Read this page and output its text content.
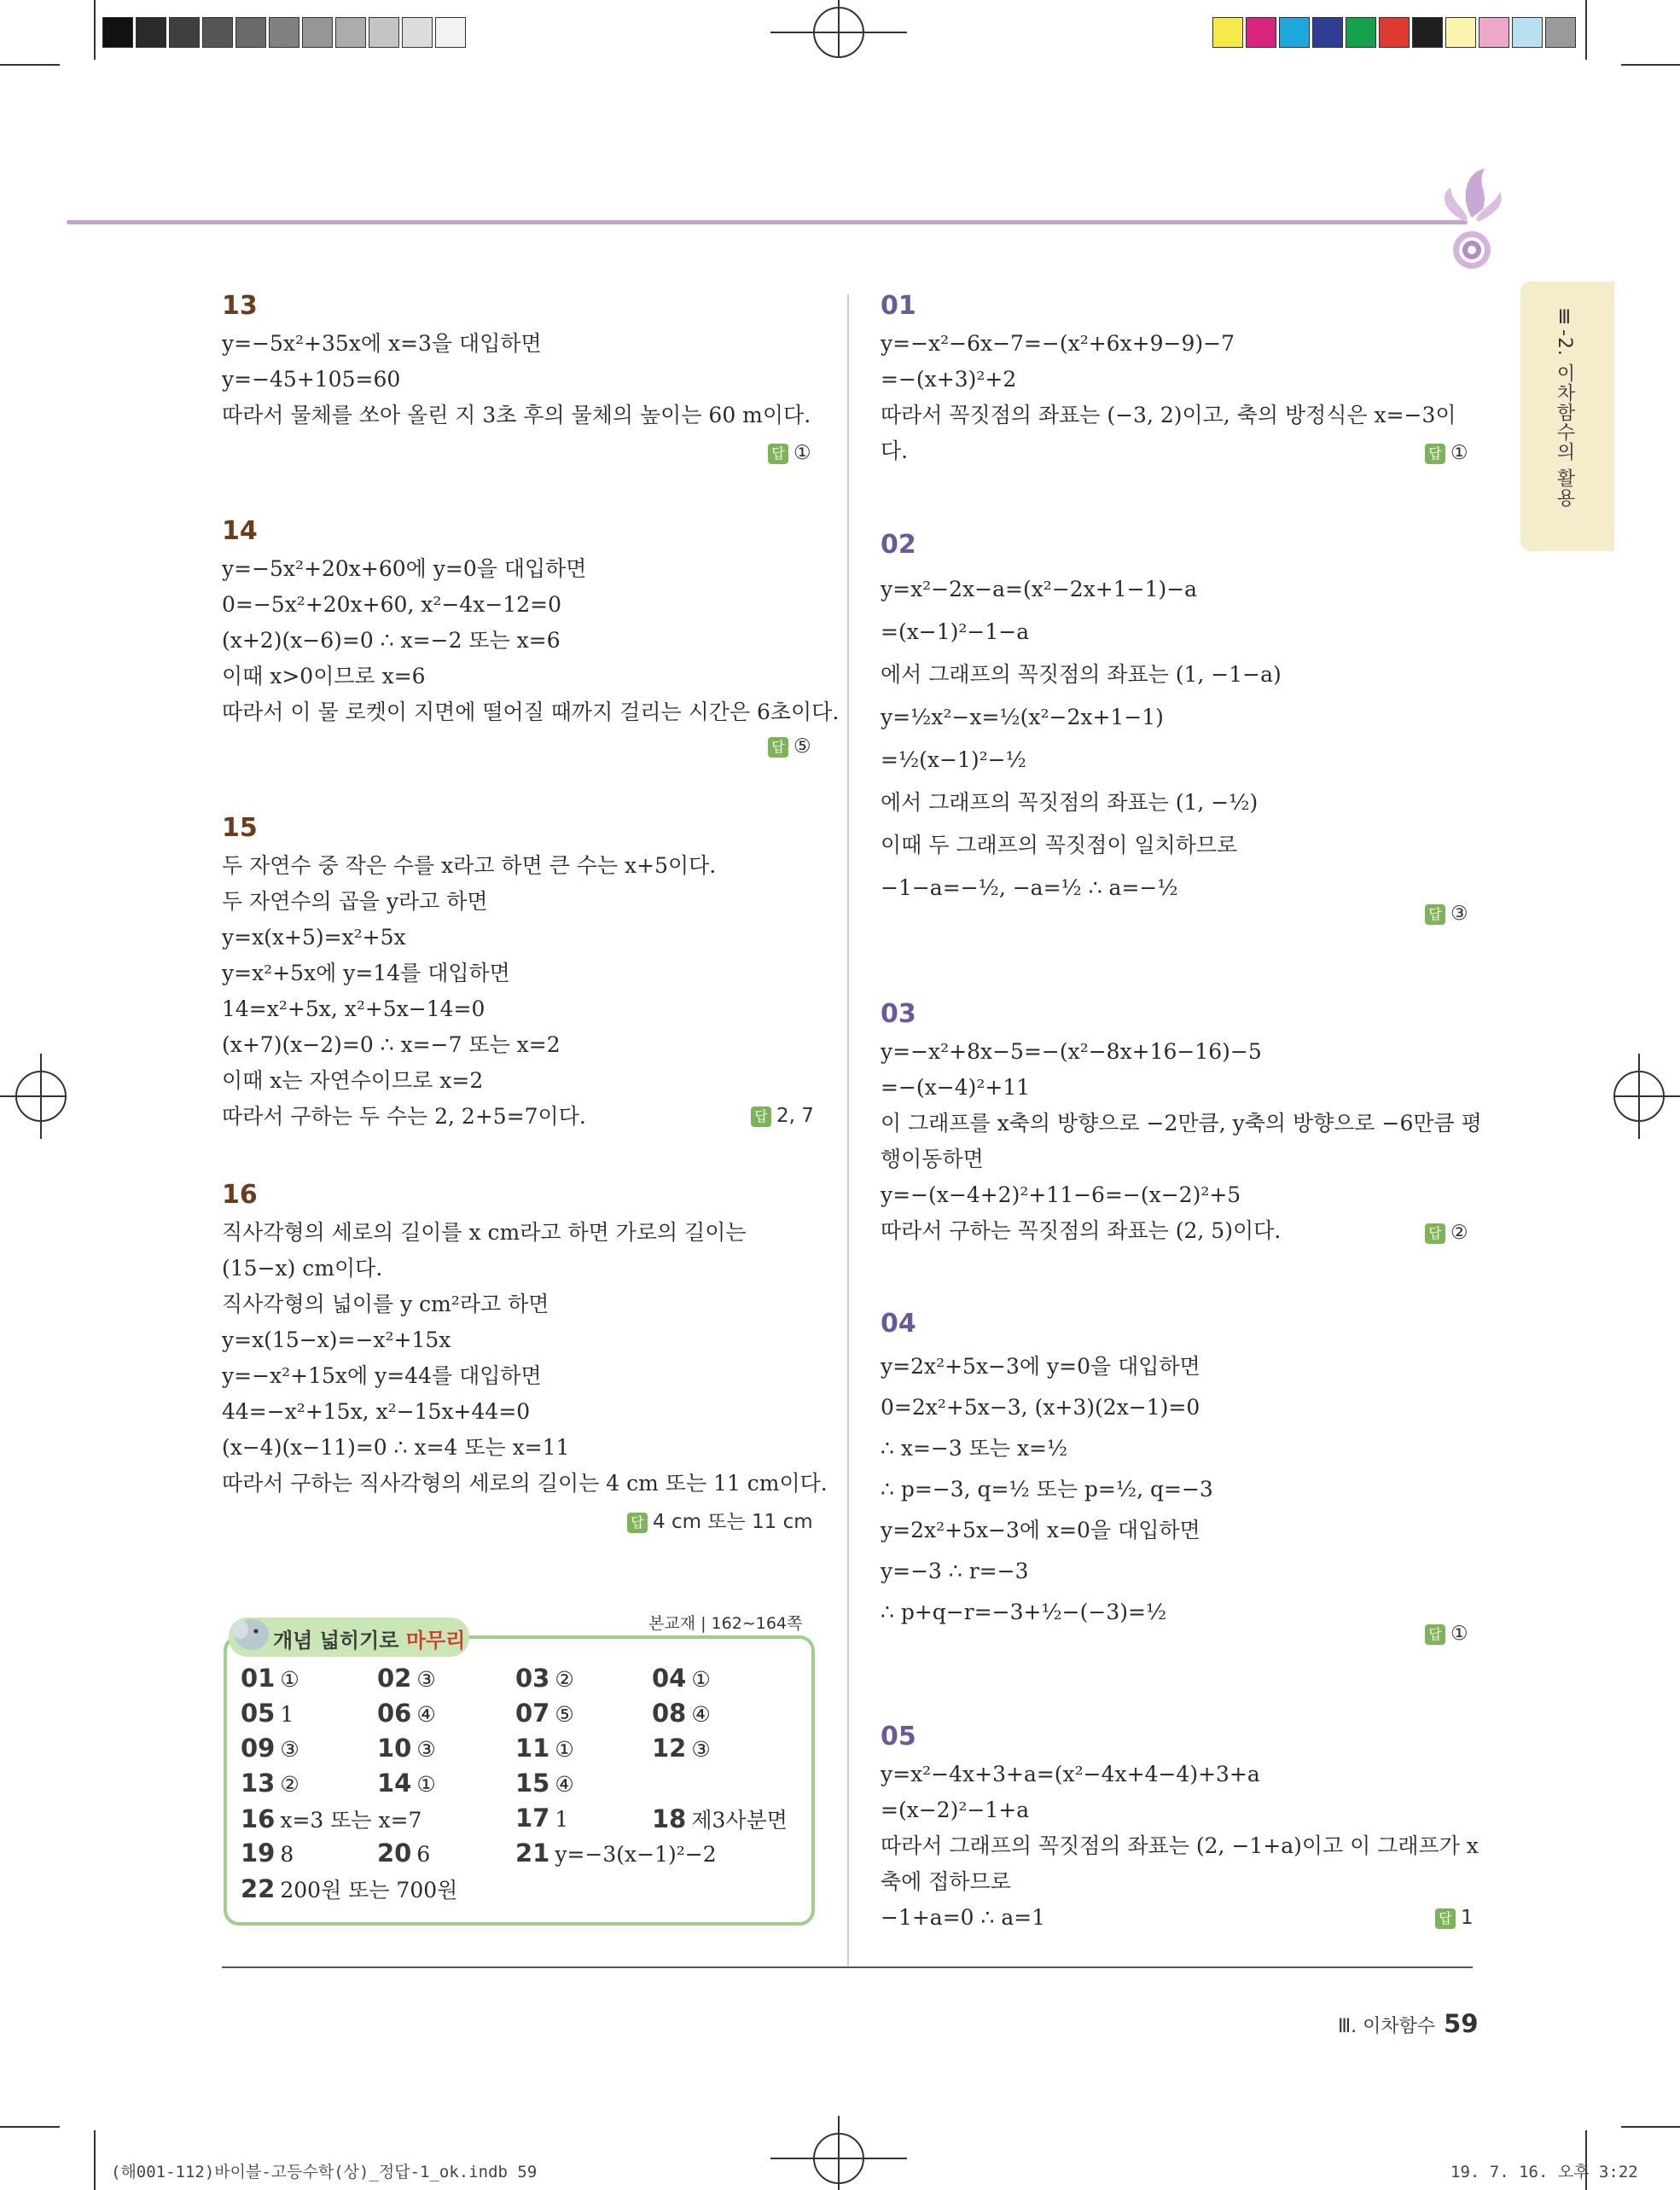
Ⅲ-2. 이차함수의 활용
13
y=−5x²+35x에 x=3을 대입하면
y=−45+105=60
따라서 물체를 쏘아 올린 지 3초 후의 물체의 높이는 60 m이다.
답 ①
14
y=−5x²+20x+60에 y=0을 대입하면
0=−5x²+20x+60, x²−4x−12=0
(x+2)(x−6)=0 ∴ x=−2 또는 x=6
이때 x>0이므로 x=6
따라서 이 물 로켓이 지면에 떨어질 때까지 걸리는 시간은 6초이다.
답 ⑤
15
두 자연수 중 작은 수를 x라고 하면 큰 수는 x+5이다.
두 자연수의 곱을 y라고 하면
y=x(x+5)=x²+5x
y=x²+5x에 y=14를 대입하면
14=x²+5x, x²+5x−14=0
(x+7)(x−2)=0 ∴ x=−7 또는 x=2
이때 x는 자연수이므로 x=2
따라서 구하는 두 수는 2, 2+5=7이다.	답 2, 7
16
직사각형의 세로의 길이를 x cm라고 하면 가로의 길이는
(15−x) cm이다.
직사각형의 넓이를 y cm²라고 하면
y=x(15−x)=−x²+15x
y=−x²+15x에 y=44를 대입하면
44=−x²+15x, x²−15x+44=0
(x−4)(x−11)=0 ∴ x=4 또는 x=11
따라서 구하는 직사각형의 세로의 길이는 4 cm 또는 11 cm이다.
답 4 cm 또는 11 cm
개념 넓히기로 마무리
본교재 | 162∼164쪽
01 ①	02 ③	03 ②	04 ①
05 1	06 ④	07 ⑤	08 ④
09 ③	10 ③	11 ①	12 ③
13 ②	14 ①	15 ④
16 x=3 또는 x=7	17 1	18 제3사분면
19 8	20 6	21 y=−3(x−1)²−2
22 200원 또는 700원
01
y=−x²−6x−7=−(x²+6x+9−9)−7
=−(x+3)²+2
따라서 꼭짓점의 좌표는 (−3, 2)이고, 축의 방정식은 x=−3이
다.	답 ①
02
y=x²−2x−a=(x²−2x+1−1)−a
=(x−1)²−1−a
에서 그래프의 꼭짓점의 좌표는 (1, −1−a)
y=½x²−x=½(x²−2x+1−1)
=½(x−1)²−½
에서 그래프의 꼭짓점의 좌표는 (1, −½)
이때 두 그래프의 꼭짓점이 일치하므로
−1−a=−½, −a=½ ∴ a=−½
답 ③
03
y=−x²+8x−5=−(x²−8x+16−16)−5
=−(x−4)²+11
이 그래프를 x축의 방향으로 −2만큼, y축의 방향으로 −6만큼 평
행이동하면
y=−(x−4+2)²+11−6=−(x−2)²+5
따라서 구하는 꼭짓점의 좌표는 (2, 5)이다.	답 ②
04
y=2x²+5x−3에 y=0을 대입하면
0=2x²+5x−3, (x+3)(2x−1)=0
∴ x=−3 또는 x=½
∴ p=−3, q=½ 또는 p=½, q=−3
y=2x²+5x−3에 x=0을 대입하면
y=−3 ∴ r=−3
∴ p+q−r=−3+½−(−3)=½
답 ①
05
y=x²−4x+3+a=(x²−4x+4−4)+3+a
=(x−2)²−1+a
따라서 그래프의 꼭짓점의 좌표는 (2, −1+a)이고 이 그래프가 x
축에 접하므로
−1+a=0 ∴ a=1	답 1
Ⅲ. 이차함수 59
(해001-112)바이블-고등수학(상)_정답-1_ok.indb 59	19. 7. 16. 오후 3:22
